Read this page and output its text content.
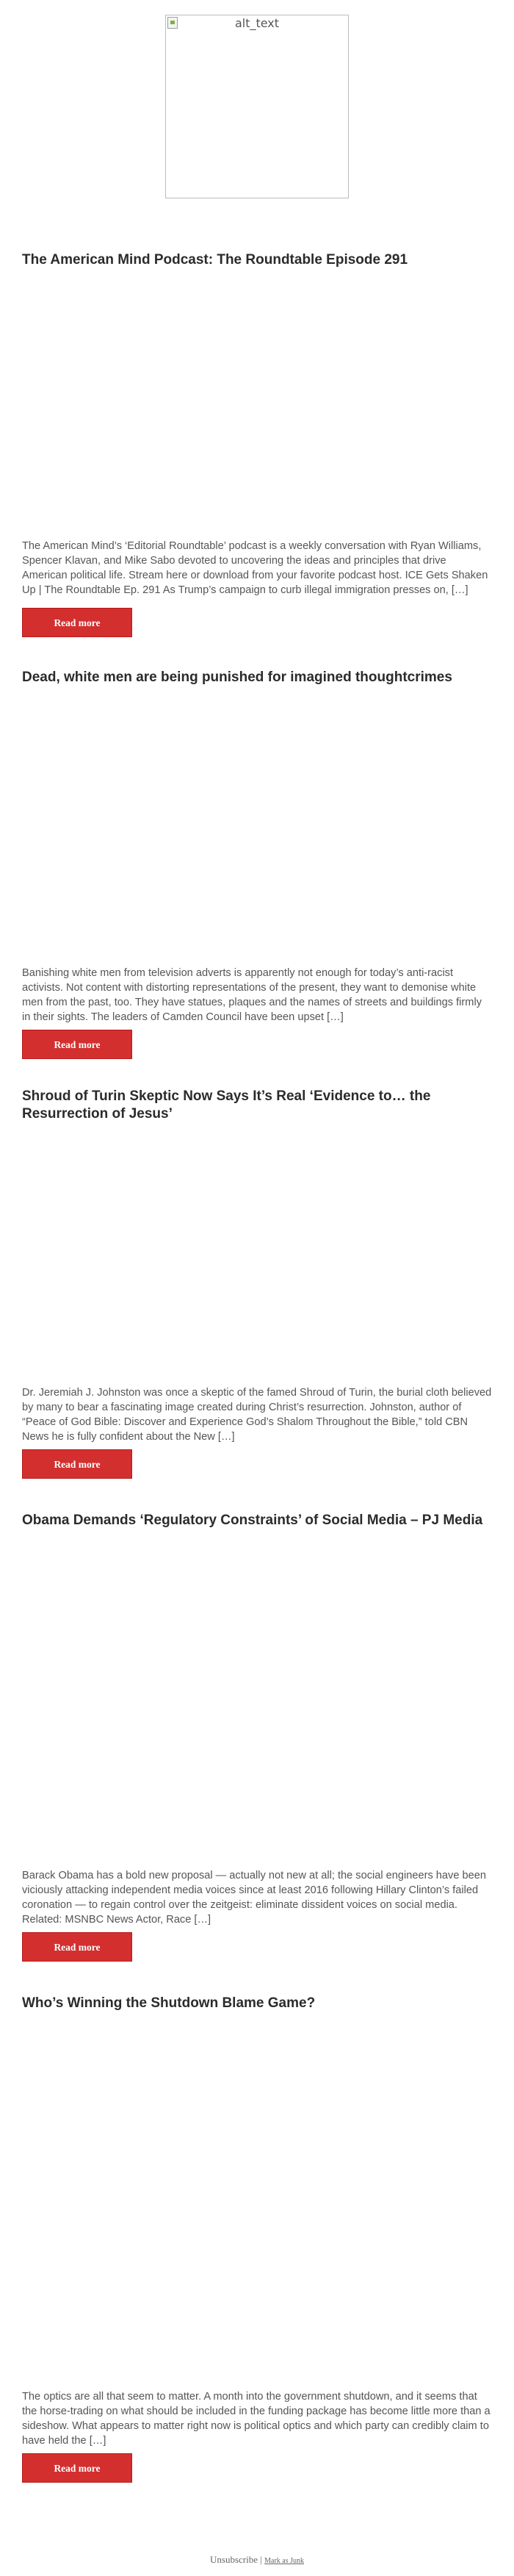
alt_text
The American Mind Podcast: The Roundtable Episode 291

The American Mind’s ‘Editorial Roundtable’ podcast is a weekly conversation with Ryan Williams, Spencer Klavan, and Mike Sabo devoted to uncovering the ideas and principles that drive American political life. Stream here or download from your favorite podcast host. ICE Gets Shaken Up | The Roundtable Ep. 291 As Trump’s campaign to curb illegal immigration presses on, […]

Read more
Dead, white men are being punished for imagined thoughtcrimes

Banishing white men from television adverts is apparently not enough for today’s anti-racist activists. Not content with distorting representations of the present, they want to demonise white men from the past, too. They have statues, plaques and the names of streets and buildings firmly in their sights. The leaders of Camden Council have been upset […]

Read more
Shroud of Turin Skeptic Now Says It’s Real ‘Evidence to… the Resurrection of Jesus’

Dr. Jeremiah J. Johnston was once a skeptic of the famed Shroud of Turin, the burial cloth believed by many to bear a fascinating image created during Christ’s resurrection. Johnston, author of “Peace of God Bible: Discover and Experience God’s Shalom Throughout the Bible,” told CBN News he is fully confident about the New […]

Read more
Obama Demands ‘Regulatory Constraints’ of Social Media – PJ Media

Barack Obama has a bold new proposal — actually not new at all; the social engineers have been viciously attacking independent media voices since at least 2016 following Hillary Clinton’s failed coronation — to regain control over the zeitgeist: eliminate dissident voices on social media. Related: MSNBC News Actor, Race […]

Read more
Who’s Winning the Shutdown Blame Game?

The optics are all that seem to matter. A month into the government shutdown, and it seems that the horse-trading on what should be included in the funding package has become little more than a sideshow. What appears to matter right now is political optics and which party can credibly claim to have held the […]

Read more
Unsubscribe | Mark as Junk
